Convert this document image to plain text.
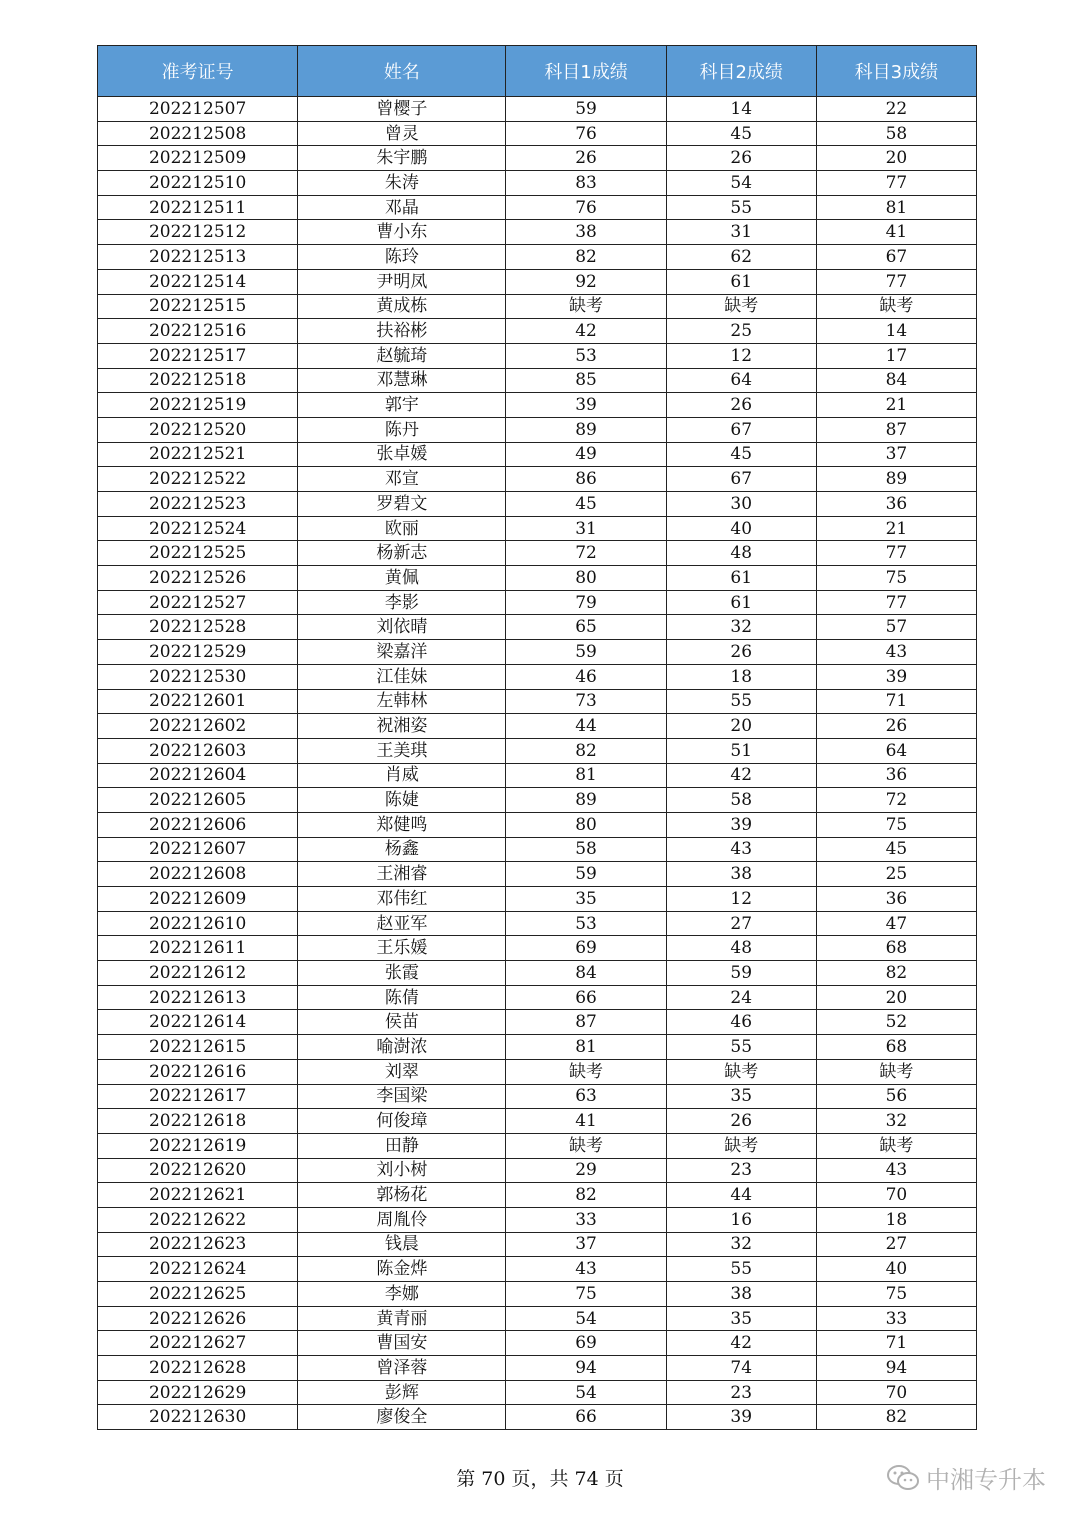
准考证号	姓名	科目1成绩	科目2成绩	科目3成绩
202212507	曾樱子	59	14	22
202212508	曾灵	76	45	58
202212509	朱宇鹏	26	26	20
202212510	朱涛	83	54	77
202212511	邓晶	76	55	81
202212512	曹小东	38	31	41
202212513	陈玲	82	62	67
202212514	尹明凤	92	61	77
202212515	黄成栋	缺考	缺考	缺考
202212516	扶裕彬	42	25	14
202212517	赵毓琦	53	12	17
202212518	邓慧琳	85	64	84
202212519	郭宇	39	26	21
202212520	陈丹	89	67	87
202212521	张卓媛	49	45	37
202212522	邓宣	86	67	89
202212523	罗碧文	45	30	36
202212524	欧丽	31	40	21
202212525	杨新志	72	48	77
202212526	黄佩	80	61	75
202212527	李影	79	61	77
202212528	刘依晴	65	32	57
202212529	梁嘉洋	59	26	43
202212530	江佳妹	46	18	39
202212601	左韩林	73	55	71
202212602	祝湘姿	44	20	26
202212603	王美琪	82	51	64
202212604	肖威	81	42	36
202212605	陈婕	89	58	72
202212606	郑健鸣	80	39	75
202212607	杨鑫	58	43	45
202212608	王湘睿	59	38	25
202212609	邓伟红	35	12	36
202212610	赵亚军	53	27	47
202212611	王乐媛	69	48	68
202212612	张霞	84	59	82
202212613	陈倩	66	24	20
202212614	侯苗	87	46	52
202212615	喻澍浓	81	55	68
202212616	刘翠	缺考	缺考	缺考
202212617	李国梁	63	35	56
202212618	何俊璋	41	26	32
202212619	田静	缺考	缺考	缺考
202212620	刘小树	29	23	43
202212621	郭杨花	82	44	70
202212622	周胤伶	33	16	18
202212623	钱晨	37	32	27
202212624	陈金烨	43	55	40
202212625	李娜	75	38	75
202212626	黄青丽	54	35	33
202212627	曹国安	69	42	71
202212628	曾泽蓉	94	74	94
202212629	彭辉	54	23	70
202212630	廖俊全	66	39	82
第 70 页，共 74 页	中湘专升本
